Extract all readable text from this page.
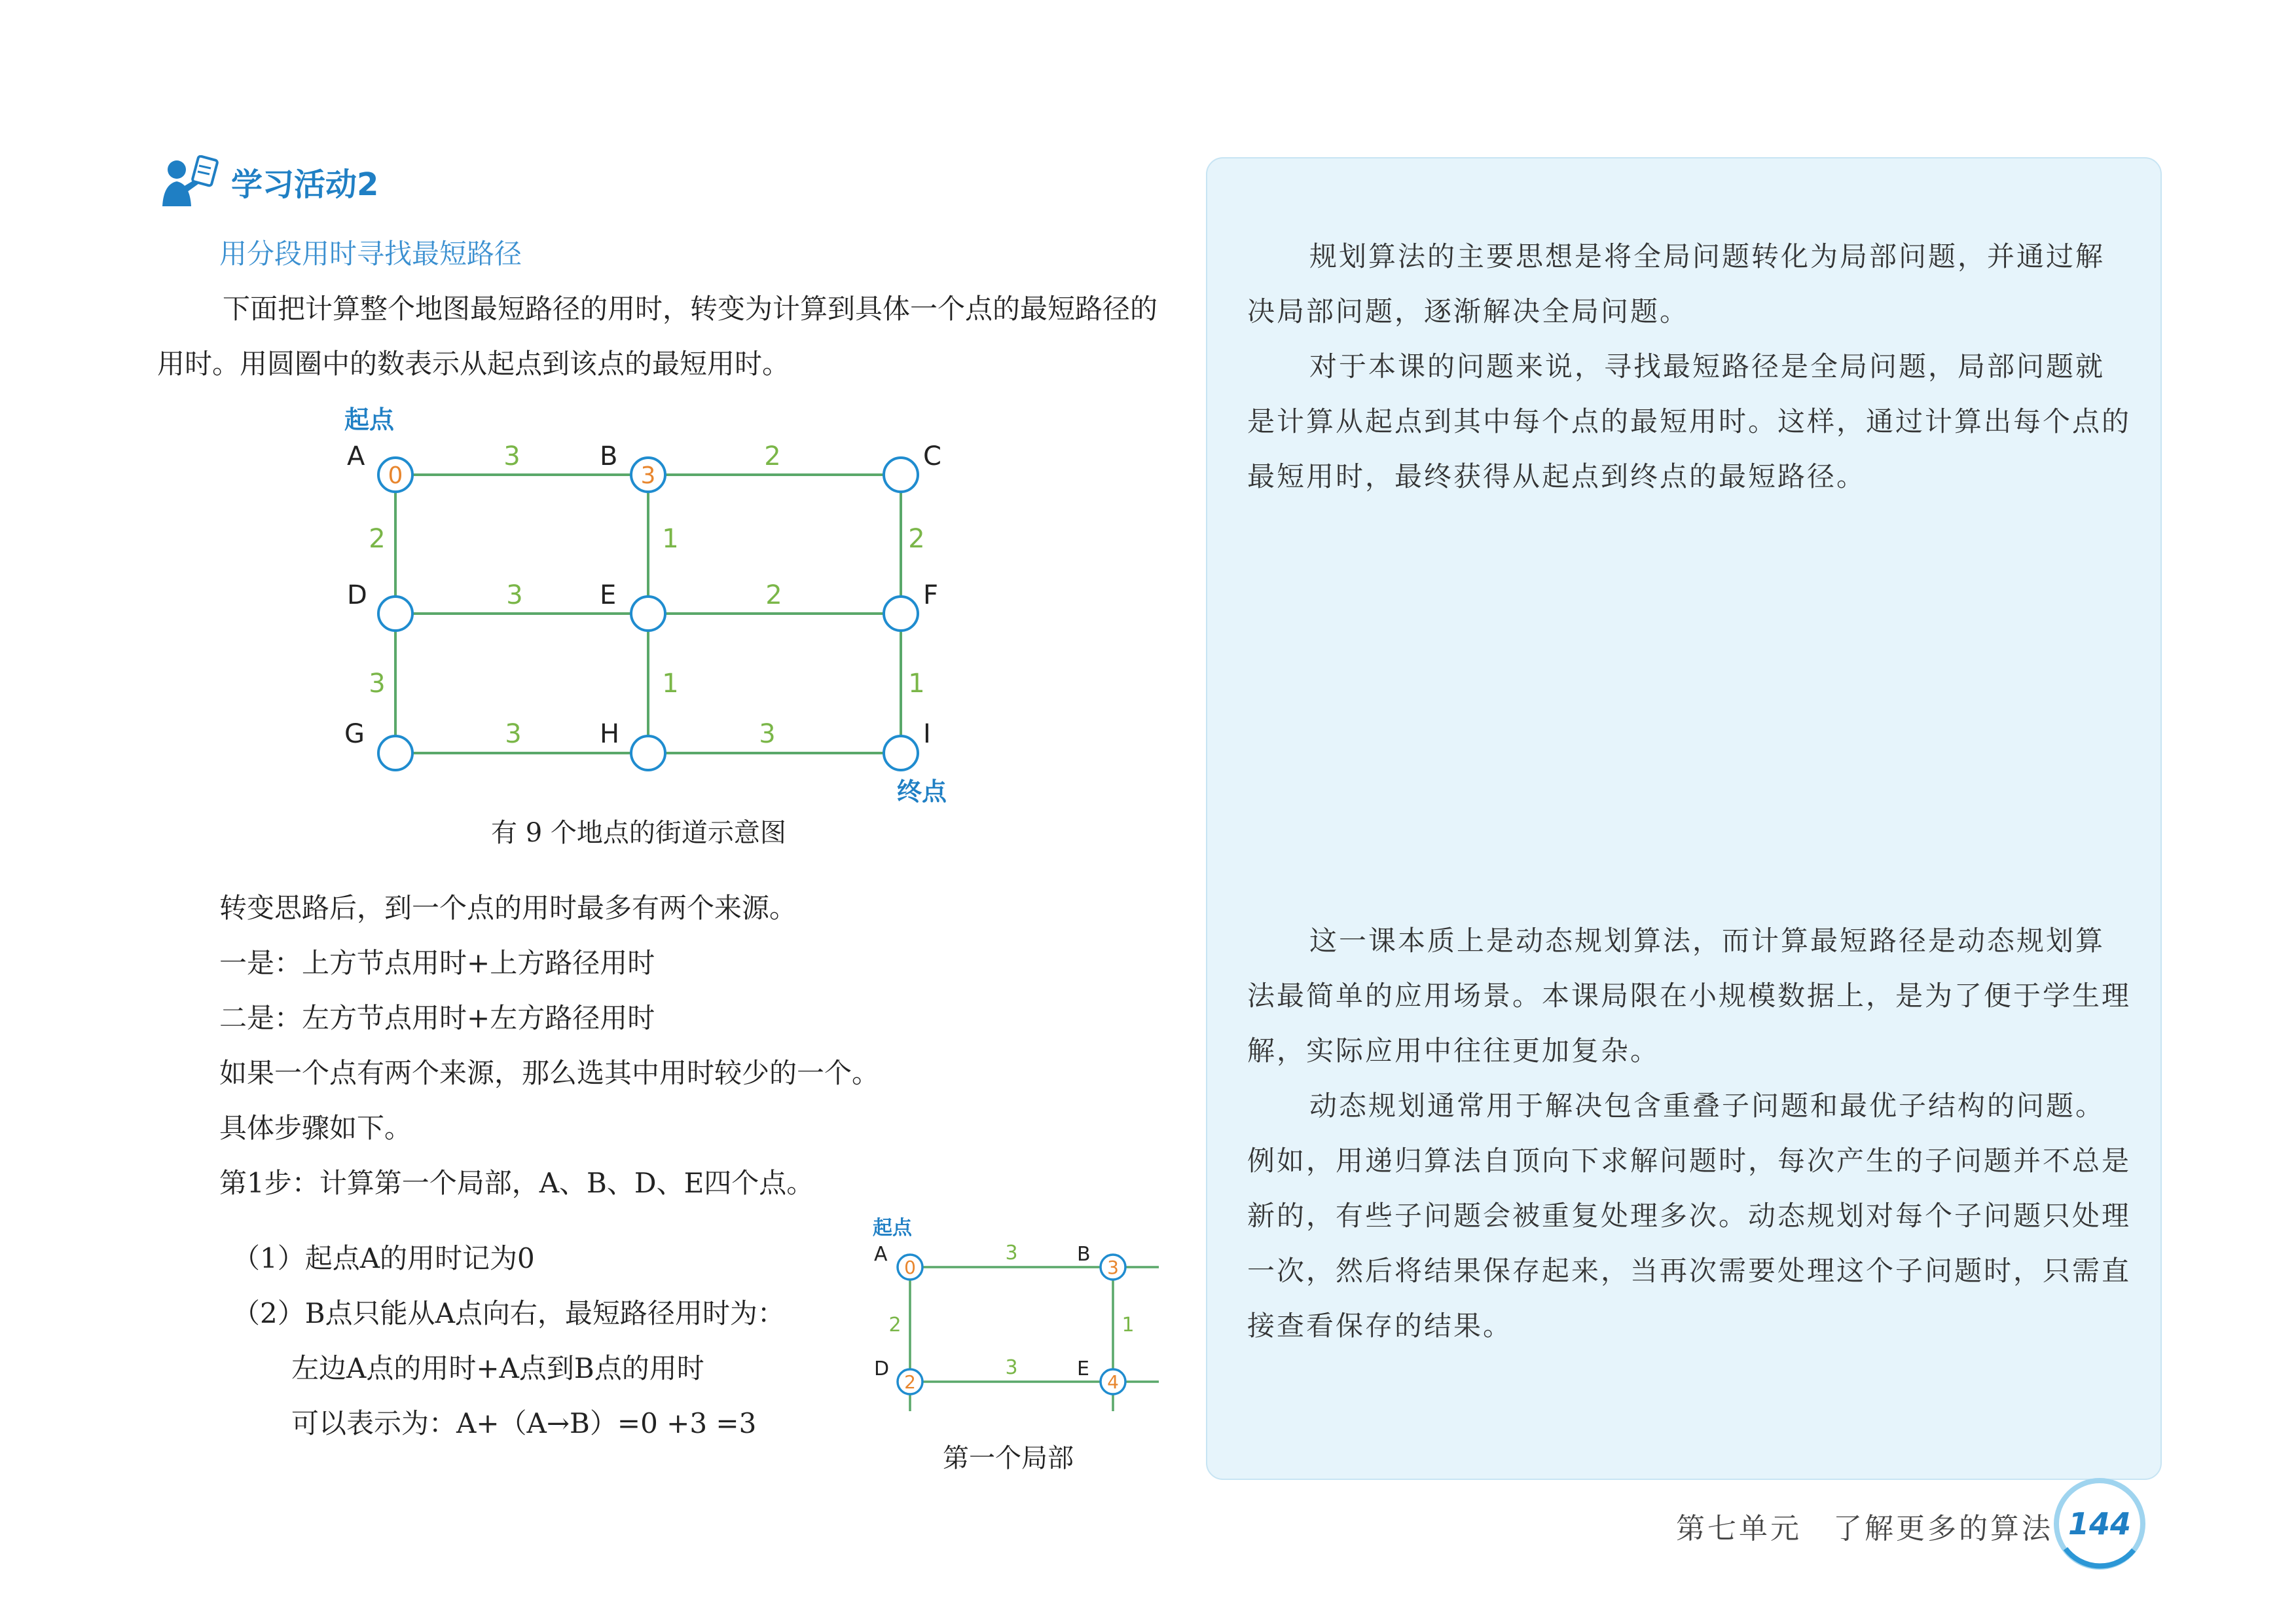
学习活动2
用分段用时寻找最短路径
下面把计算整个地图最短路径的用时，转变为计算到具体一个点的最短路径的用时。用圆圈中的数表示从起点到该点的最短用时。
3	2
3	2
3	3
2
3
1
1
2
1
0	3
A	B	C
D	E	F
G	H	I
起点
终点
有 9 个地点的街道示意图
转变思路后，到一个点的用时最多有两个来源。
一是：上方节点用时+上方路径用时
二是：左方节点用时+左方路径用时
如果一个点有两个来源，那么选其中用时较少的一个。
具体步骤如下。
第1步：计算第一个局部，A、B、D、E四个点。
（1）起点A的用时记为0
（2）B点只能从A点向右，最短路径用时为：
左边A点的用时+A点到B点的用时
可以表示为：A+（A→B）=0 +3 =3
3
3
2	1
0	3
2	4
A	B
D	E
起点
第一个局部

规划算法的主要思想是将全局问题转化为局部问题，并通过解决局部问题，逐渐解决全局问题。

对于本课的问题来说，寻找最短路径是全局问题，局部问题就是计算从起点到其中每个点的最短用时。这样，通过计算出每个点的最短用时，最终获得从起点到终点的最短路径。

这一课本质上是动态规划算法，而计算最短路径是动态规划算法最简单的应用场景。本课局限在小规模数据上，是为了便于学生理解，实际应用中往往更加复杂。

动态规划通常用于解决包含重叠子问题和最优子结构的问题。例如，用递归算法自顶向下求解问题时，每次产生的子问题并不总是新的，有些子问题会被重复处理多次。动态规划对每个子问题只处理一次，然后将结果保存起来，当再次需要处理这个子问题时，只需直接查看保存的结果。

第七单元　了解更多的算法 144
